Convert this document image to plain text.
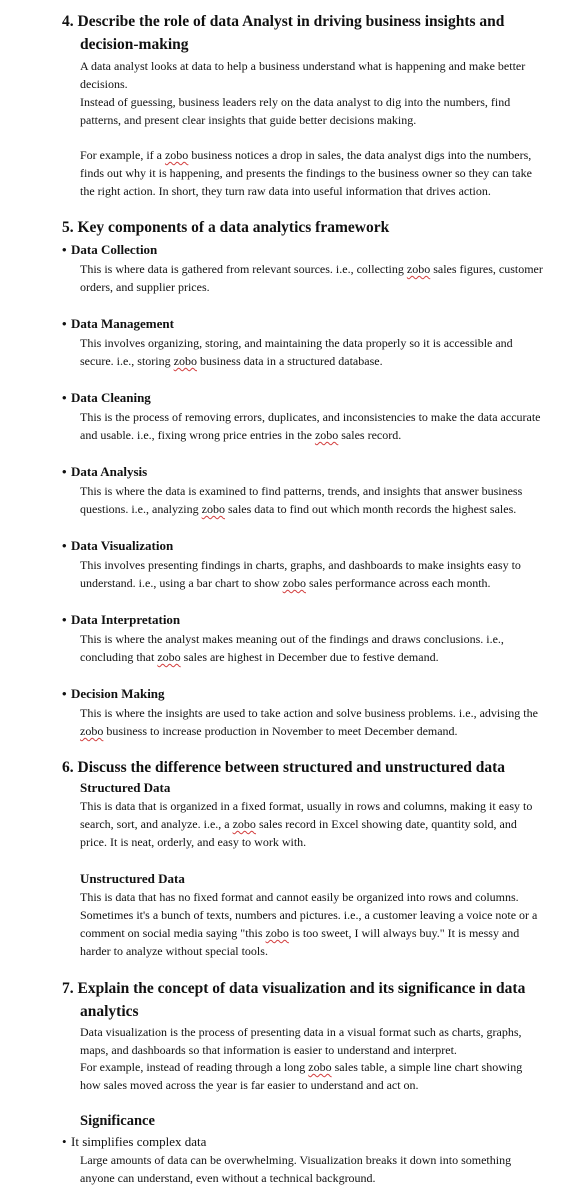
4. Describe the role of data Analyst in driving business insights and
decision-making
A data analyst looks at data to help a business understand what is happening and make better
decisions.
Instead of guessing, business leaders rely on the data analyst to dig into the numbers, find
patterns, and present clear insights that guide better decisions making.
For example, if a zobo business notices a drop in sales, the data analyst digs into the numbers,
finds out why it is happening, and presents the findings to the business owner so they can take
the right action. In short, they turn raw data into useful information that drives action.
5. Key components of a data analytics framework
• Data Collection
This is where data is gathered from relevant sources. i.e., collecting zobo sales figures, customer
orders, and supplier prices.
• Data Management
This involves organizing, storing, and maintaining the data properly so it is accessible and
secure. i.e., storing zobo business data in a structured database.
• Data Cleaning
This is the process of removing errors, duplicates, and inconsistencies to make the data accurate
and usable. i.e., fixing wrong price entries in the zobo sales record.
• Data Analysis
This is where the data is examined to find patterns, trends, and insights that answer business
questions. i.e., analyzing zobo sales data to find out which month records the highest sales.
• Data Visualization
This involves presenting findings in charts, graphs, and dashboards to make insights easy to
understand. i.e., using a bar chart to show zobo sales performance across each month.
• Data Interpretation
This is where the analyst makes meaning out of the findings and draws conclusions. i.e.,
concluding that zobo sales are highest in December due to festive demand.
• Decision Making
This is where the insights are used to take action and solve business problems. i.e., advising the
zobo business to increase production in November to meet December demand.
6. Discuss the difference between structured and unstructured data
Structured Data
This is data that is organized in a fixed format, usually in rows and columns, making it easy to
search, sort, and analyze. i.e., a zobo sales record in Excel showing date, quantity sold, and
price. It is neat, orderly, and easy to work with.
Unstructured Data
This is data that has no fixed format and cannot easily be organized into rows and columns.
Sometimes it's a bunch of texts, numbers and pictures. i.e., a customer leaving a voice note or a
comment on social media saying "this zobo is too sweet, I will always buy." It is messy and
harder to analyze without special tools.
7. Explain the concept of data visualization and its significance in data
analytics
Data visualization is the process of presenting data in a visual format such as charts, graphs,
maps, and dashboards so that information is easier to understand and interpret.
For example, instead of reading through a long zobo sales table, a simple line chart showing
how sales moved across the year is far easier to understand and act on.
Significance
• It simplifies complex data
Large amounts of data can be overwhelming. Visualization breaks it down into something
anyone can understand, even without a technical background.
